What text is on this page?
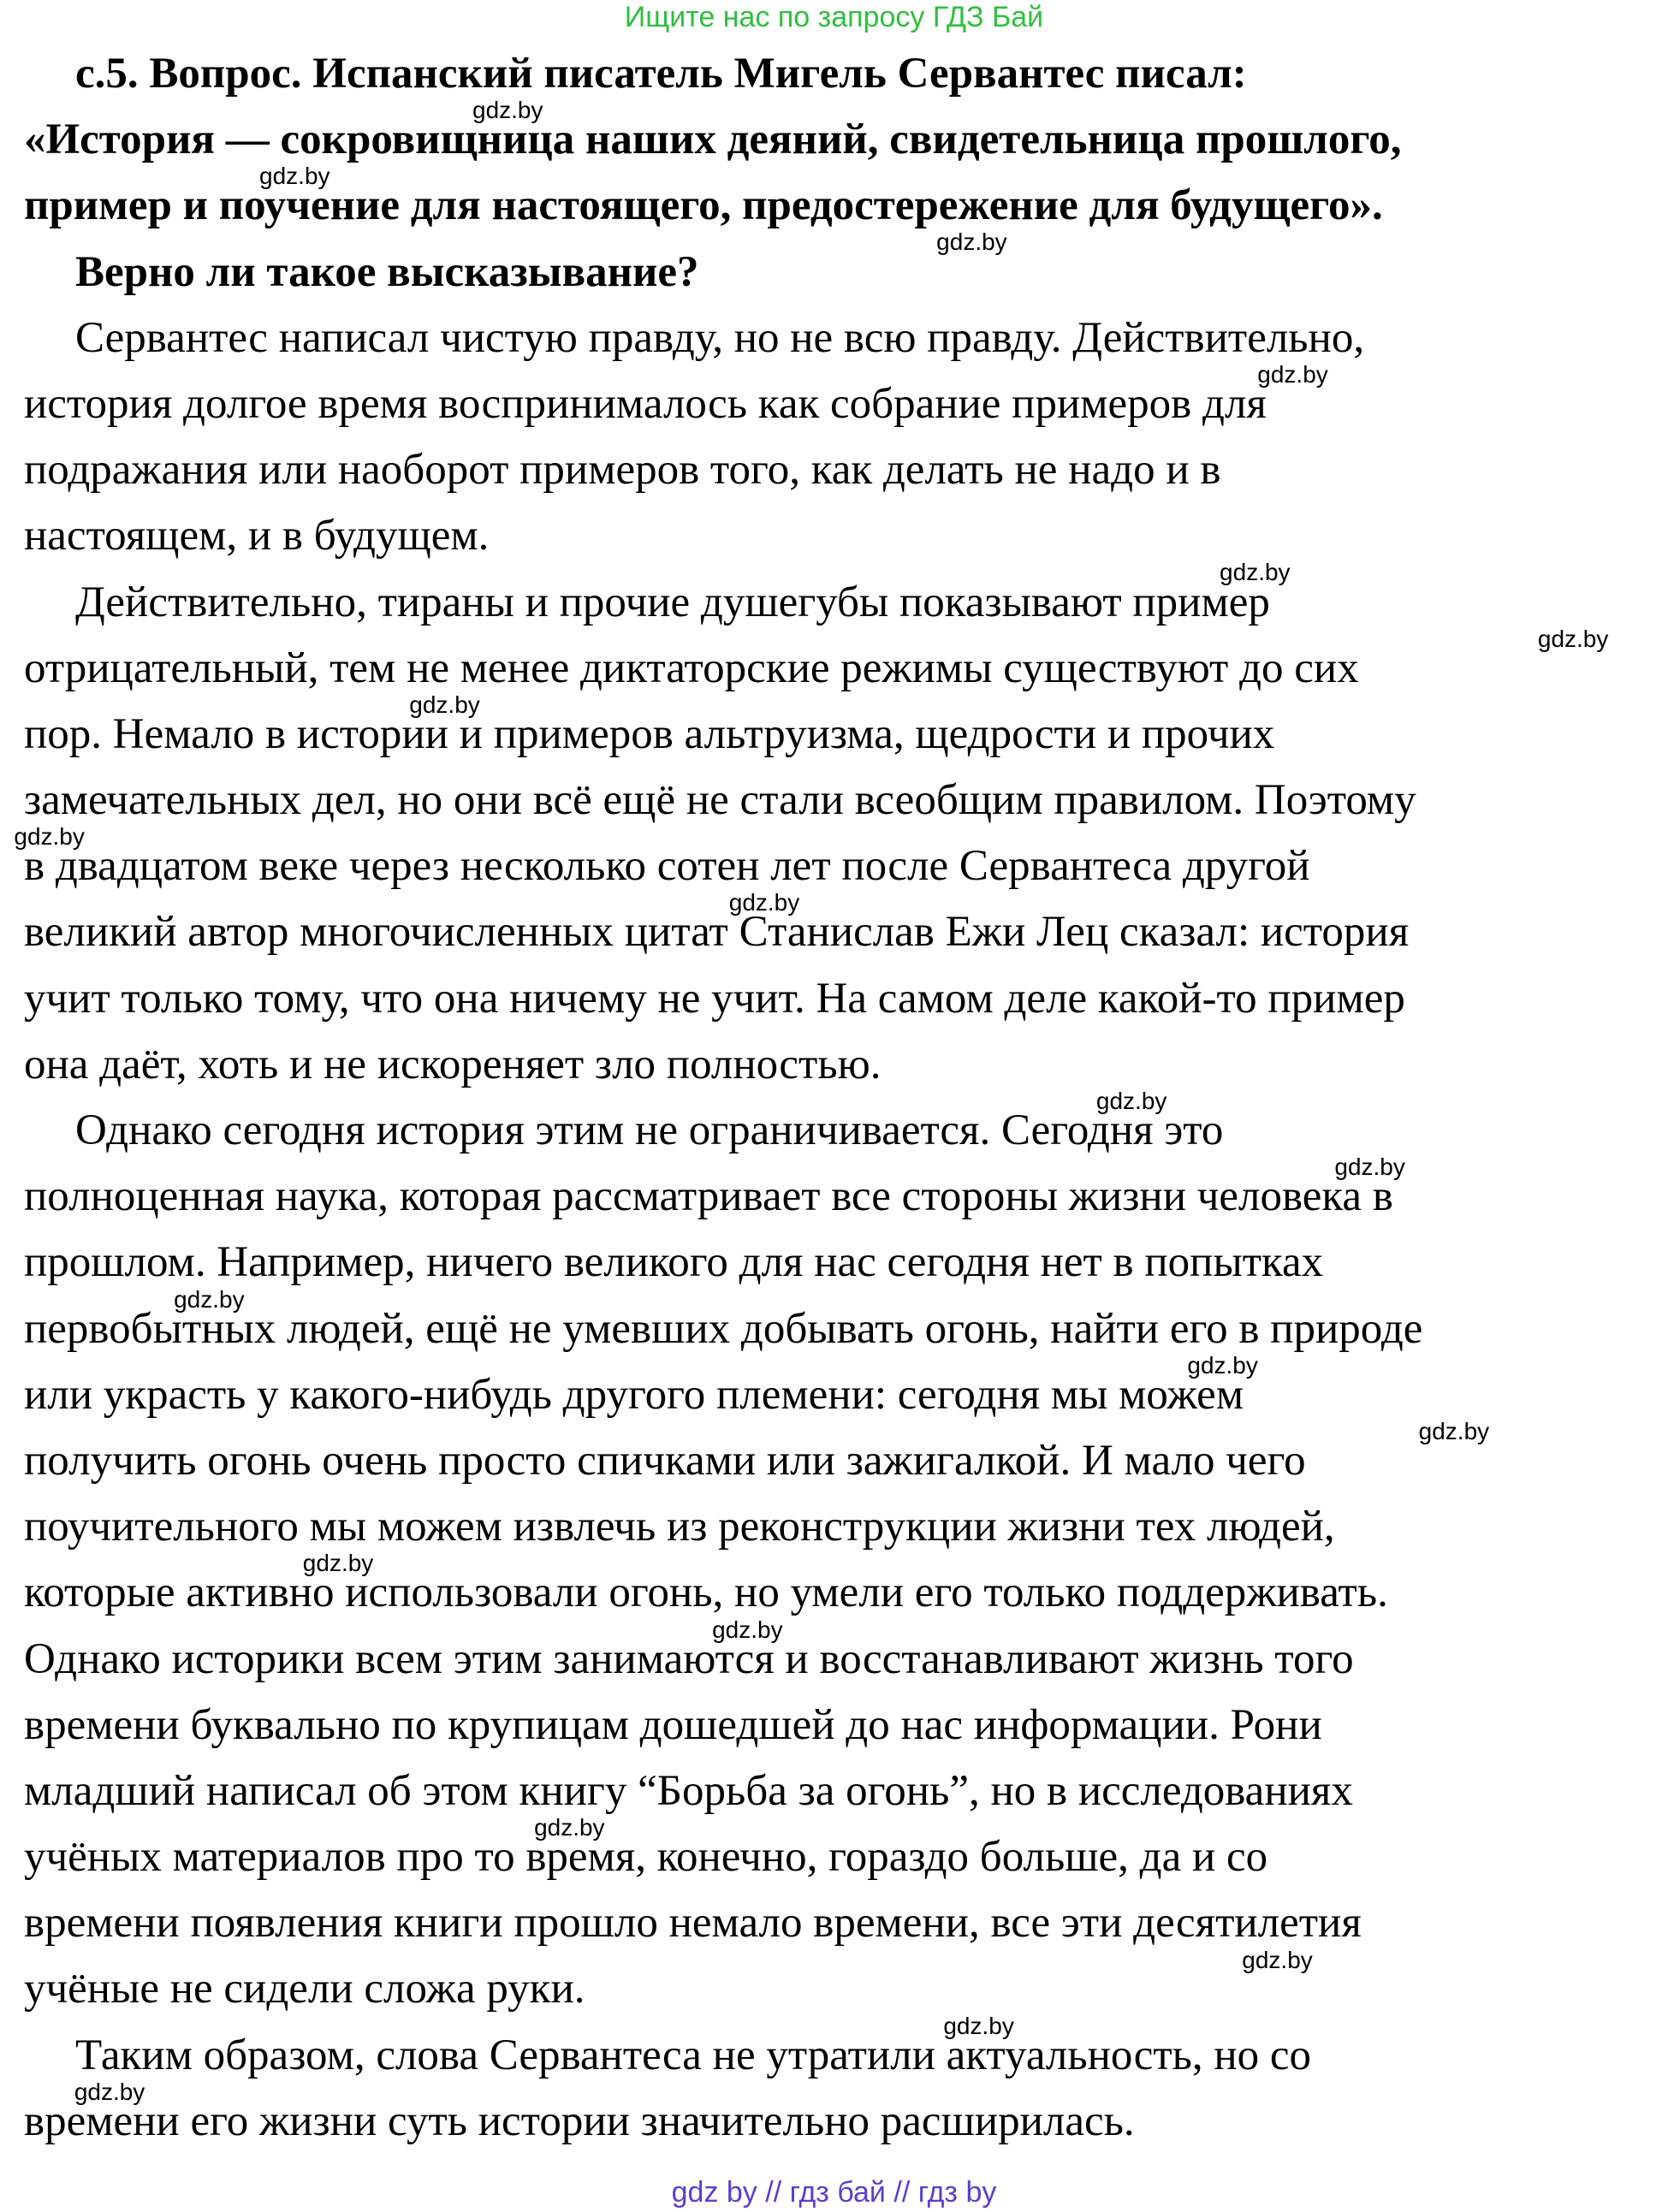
Ищите нас по запросу ГДЗ Бай
с.5. Вопрос. Испанский писатель Мигель Сервантес писал:
«История — сокровищница наших деяний, свидетельница прошлого,
пример и поучение для настоящего, предостережение для будущего».
Верно ли такое высказывание?
Сервантес написал чистую правду, но не всю правду. Действительно,
история долгое время воспринималось как собрание примеров для
подражания или наоборот примеров того, как делать не надо и в
настоящем, и в будущем.
Действительно, тираны и прочие душегубы показывают пример
отрицательный, тем не менее диктаторские режимы существуют до сих
пор. Немало в истории и примеров альтруизма, щедрости и прочих
замечательных дел, но они всё ещё не стали всеобщим правилом. Поэтому
в двадцатом веке через несколько сотен лет после Сервантеса другой
великий автор многочисленных цитат Станислав Ежи Лец сказал: история
учит только тому, что она ничему не учит. На самом деле какой-то пример
она даёт, хоть и не искореняет зло полностью.
Однако сегодня история этим не ограничивается. Сегодня это
полноценная наука, которая рассматривает все стороны жизни человека в
прошлом. Например, ничего великого для нас сегодня нет в попытках
первобытных людей, ещё не умевших добывать огонь, найти его в природе
или украсть у какого-нибудь другого племени: сегодня мы можем
получить огонь очень просто спичками или зажигалкой. И мало чего
поучительного мы можем извлечь из реконструкции жизни тех людей,
которые активно использовали огонь, но умели его только поддерживать.
Однако историки всем этим занимаются и восстанавливают жизнь того
времени буквально по крупицам дошедшей до нас информации. Рони
младший написал об этом книгу “Борьба за огонь”, но в исследованиях
учёных материалов про то время, конечно, гораздо больше, да и со
времени появления книги прошло немало времени, все эти десятилетия
учёные не сидели сложа руки.
Таким образом, слова Сервантеса не утратили актуальность, но со
времени его жизни суть истории значительно расширилась.
gdz.by
gdz.by
gdz.by
gdz.by
gdz.by
gdz.by
gdz.by
gdz.by
gdz.by
gdz.by
gdz.by
gdz.by
gdz.by
gdz.by
gdz.by
gdz.by
gdz.by
gdz.by
gdz.by
gdz.by
gdz by // гдз бай // гдз by
